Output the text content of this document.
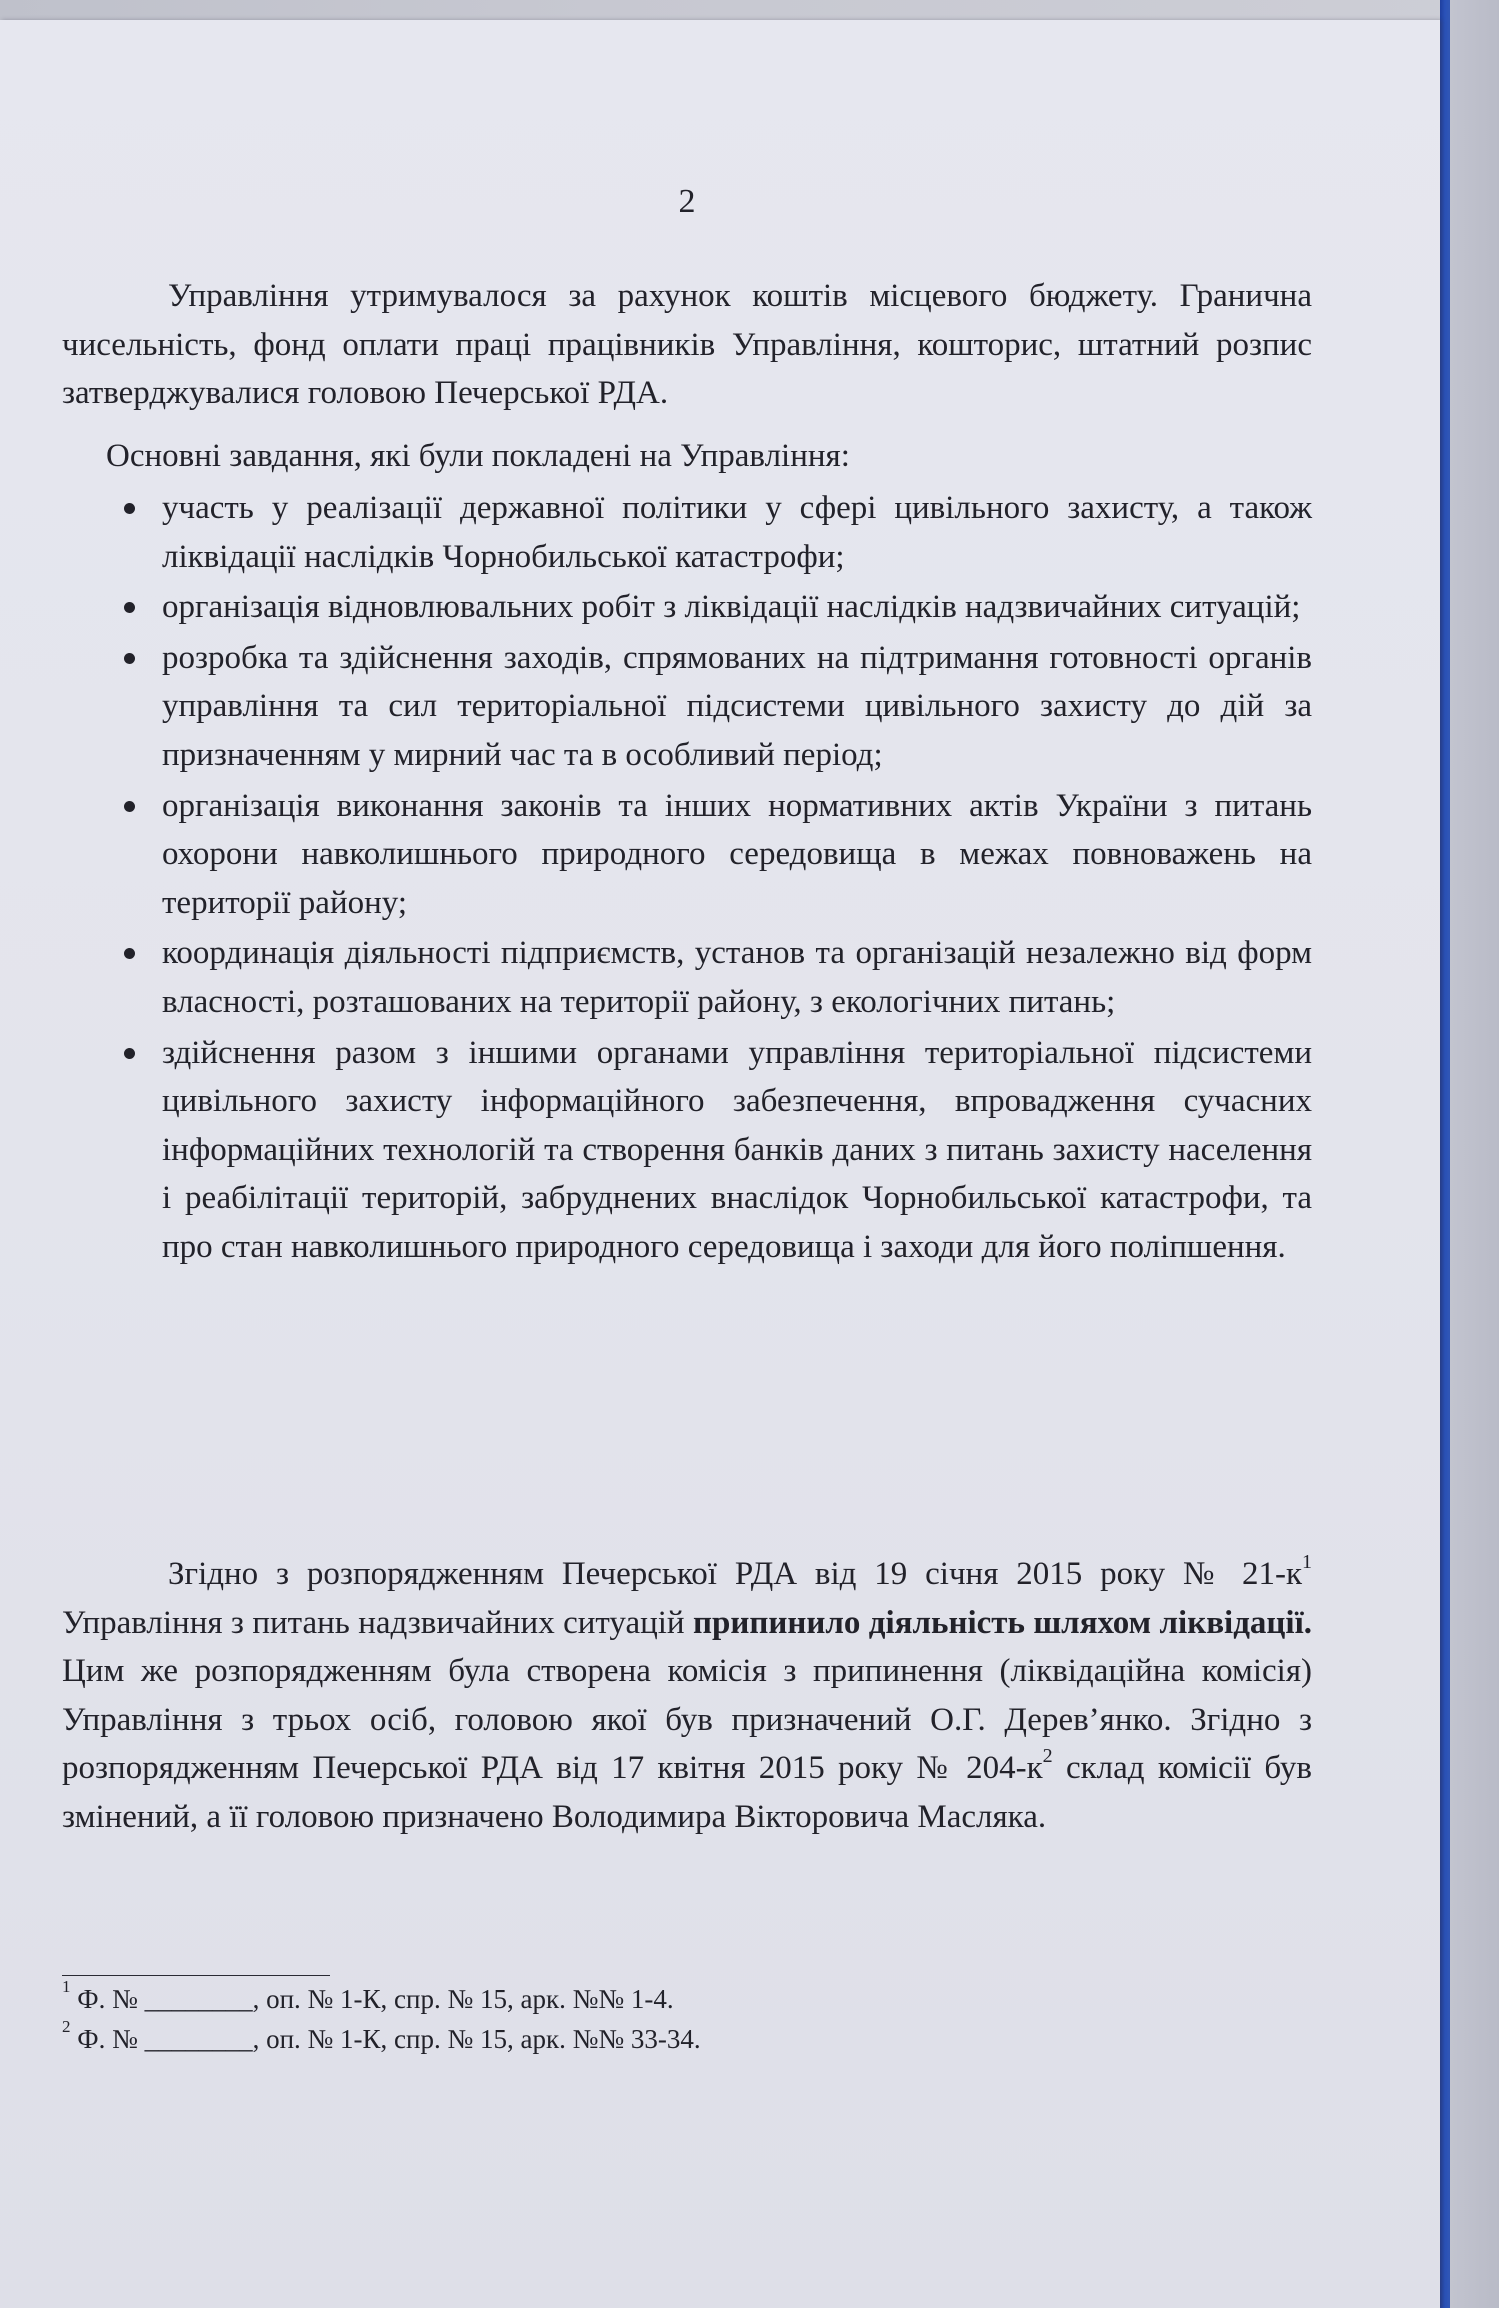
2

Управління утримувалося за рахунок коштів місцевого бюджету. Гранична чисельність, фонд оплати праці працівників Управління, кошторис, штатний розпис затверджувалися головою Печерської РДА.

Основні завдання, які були покладені на Управління:

участь у реалізації державної політики у сфері цивільного захисту, а також ліквідації наслідків Чорнобильської катастрофи;
організація відновлювальних робіт з ліквідації наслідків надзвичайних ситуацій;
розробка та здійснення заходів, спрямованих на підтримання готовності органів управління та сил територіальної підсистеми цивільного захисту до дій за призначенням у мирний час та в особливий період;
організація виконання законів та інших нормативних актів України з питань охорони навколишнього природного середовища в межах повноважень на території району;
координація діяльності підприємств, установ та організацій незалежно від форм власності, розташованих на території району, з екологічних питань;
здійснення разом з іншими органами управління територіальної підсистеми цивільного захисту інформаційного забезпечення, впровадження сучасних інформаційних технологій та створення банків даних з питань захисту населення і реабілітації територій, забруднених внаслідок Чорнобильської катастрофи, та про стан навколишнього природного середовища і заходи для його поліпшення.

Згідно з розпорядженням Печерської РДА від 19 січня 2015 року № $21-к^1$ Управління з питань надзвичайних ситуацій припинило діяльність шляхом ліквідації. Цим же розпорядженням була створена комісія з припинення (ліквідаційна комісія) Управління з трьох осіб, головою якої був призначений О.Г. Дерев’янко. Згідно з розпорядженням Печерської РДА від 17 квітня 2015 року № $204-к^2$ склад комісії був змінений, а її головою призначено Володимира Вікторовича Масляка.

$^1$ Ф. № ________, оп. № 1-К, спр. № 15, арк. №№ 1-4.
$^2$ Ф. № ________, оп. № 1-К, спр. № 15, арк. №№ 33-34.
